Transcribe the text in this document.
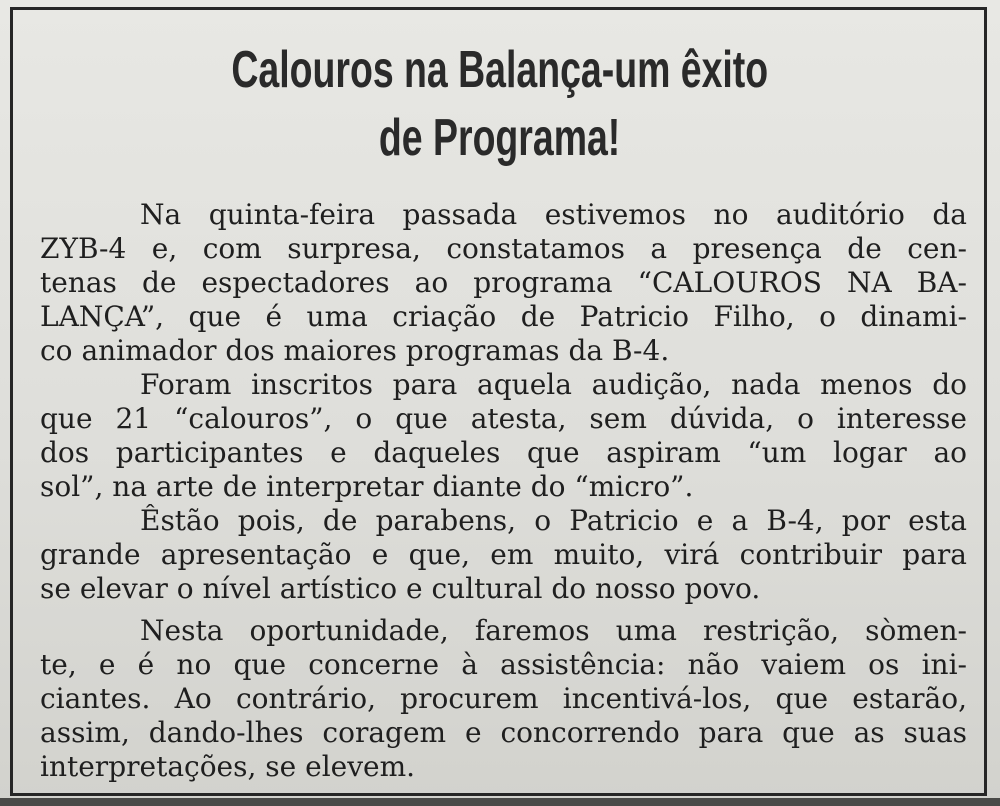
Calouros na Balança-um êxito
de Programa!
Na quinta-feira passada estivemos no auditório da
ZYB-4 e, com surpresa, constatamos a presença de cen-
tenas de espectadores ao programa “CALOUROS NA BA-
LANÇA”, que é uma criação de Patricio Filho, o dinami-
co animador dos maiores programas da B-4.
Foram inscritos para aquela audição, nada menos do
que 21 “calouros”, o que atesta, sem dúvida, o interesse
dos participantes e daqueles que aspiram “um logar ao
sol”, na arte de interpretar diante do “micro”.
Êstão pois, de parabens, o Patricio e a B-4, por esta
grande apresentação e que, em muito, virá contribuir para
se elevar o nível artístico e cultural do nosso povo.
Nesta oportunidade, faremos uma restrição, sòmen-
te, e é no que concerne à assistência: não vaiem os ini-
ciantes. Ao contrário, procurem incentivá-los, que estarão,
assim, dando-lhes coragem e concorrendo para que as suas
interpretações, se elevem.
